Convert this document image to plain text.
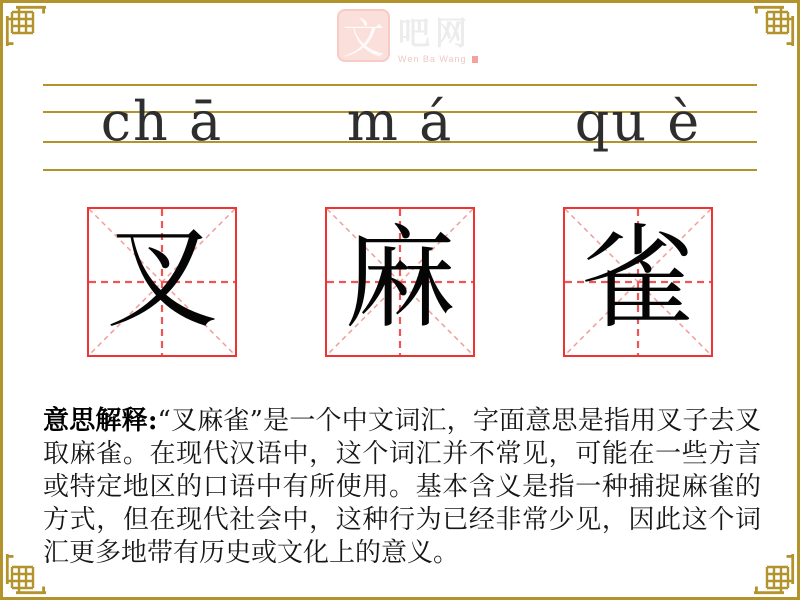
文 吧网
Wen Ba Wang
ch ā	m á	qu è
叉 麻 雀

意思解释:“叉麻雀”是一个中文词汇，字面意思是指用叉子去叉取麻雀。在现代汉语中，这个词汇并不常见，可能在一些方言或特定地区的口语中有所使用。基本含义是指一种捕捉麻雀的方式，但在现代社会中，这种行为已经非常少见，因此这个词汇更多地带有历史或文化上的意义。
